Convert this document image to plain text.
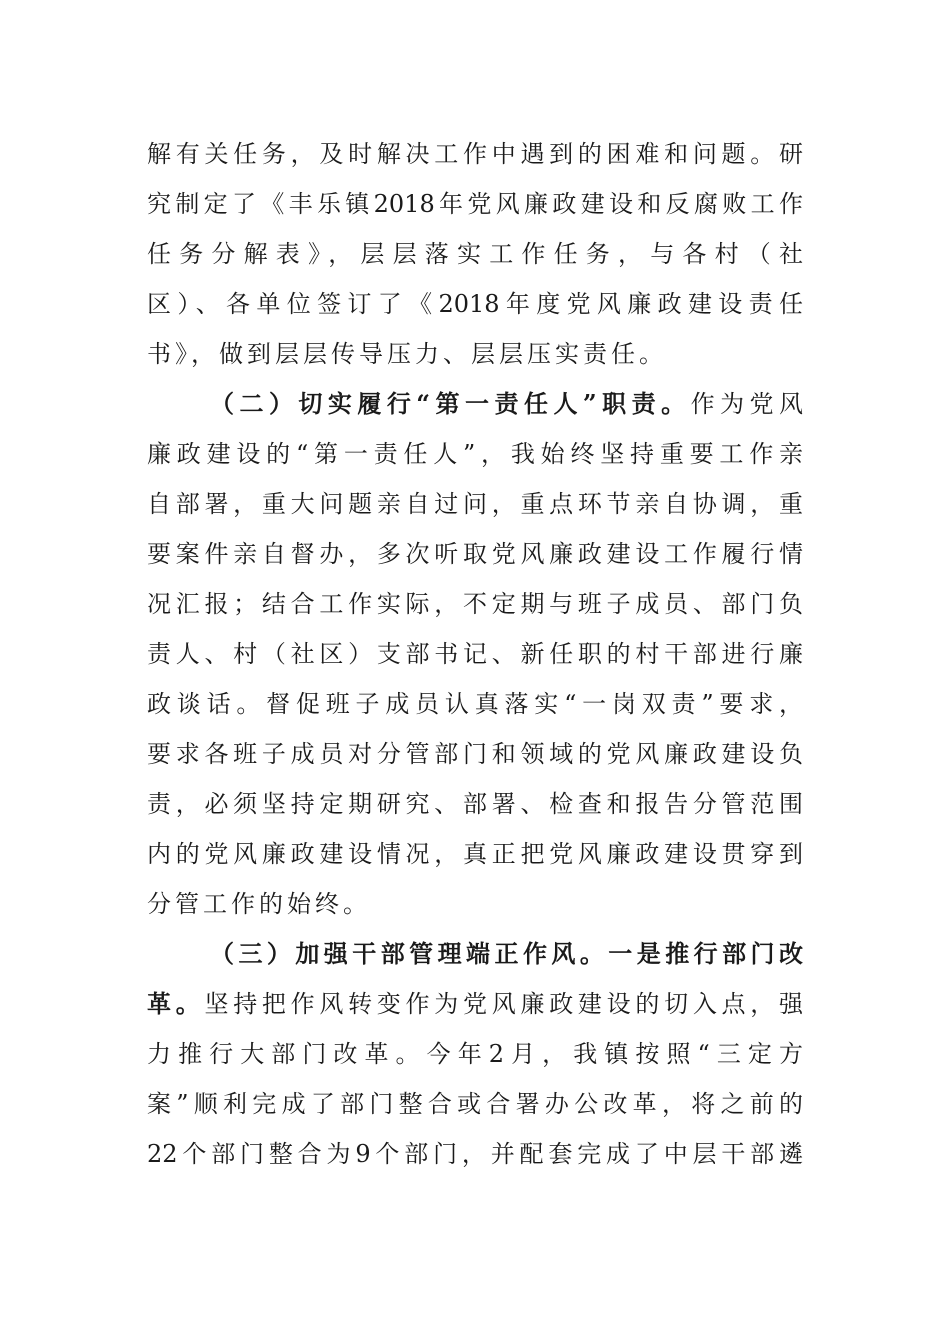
解有关任务，及时解决工作中遇到的困难和问题。研
究制定了《丰乐镇2018年党风廉政建设和反腐败工作
任务分解表》，层层落实工作任务，与各村（社
区）、各单位签订了《2018年度党风廉政建设责任
书》，做到层层传导压力、层层压实责任。
（二）切实履行“第一责任人”职责。作为党风
廉政建设的“第一责任人”，我始终坚持重要工作亲
自部署，重大问题亲自过问，重点环节亲自协调，重
要案件亲自督办，多次听取党风廉政建设工作履行情
况汇报；结合工作实际，不定期与班子成员、部门负
责人、村（社区）支部书记、新任职的村干部进行廉
政谈话。督促班子成员认真落实“一岗双责”要求，
要求各班子成员对分管部门和领域的党风廉政建设负
责，必须坚持定期研究、部署、检查和报告分管范围
内的党风廉政建设情况，真正把党风廉政建设贯穿到
分管工作的始终。
（三）加强干部管理端正作风。一是推行部门改
革。坚持把作风转变作为党风廉政建设的切入点，强
力推行大部门改革。今年2月，我镇按照“三定方
案”顺利完成了部门整合或合署办公改革，将之前的
22个部门整合为9个部门，并配套完成了中层干部遴
